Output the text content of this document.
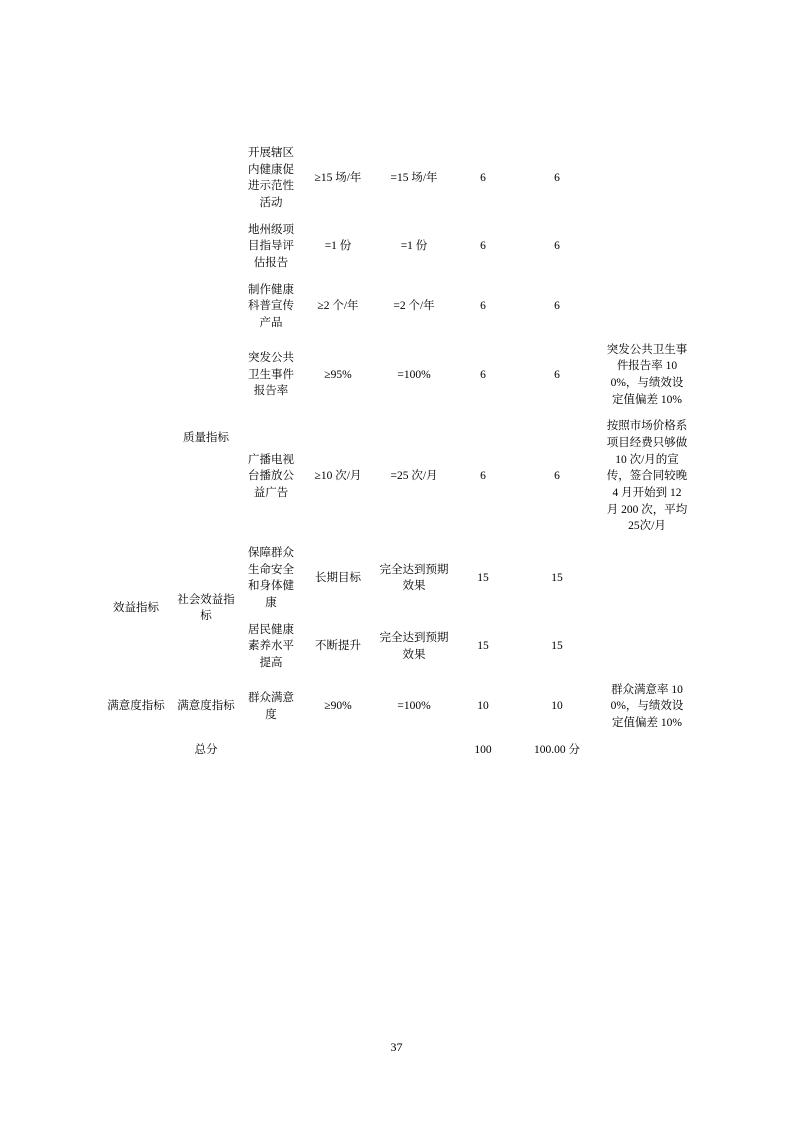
		开展辖区内健康促进示范性活动	≥15 场/年	=15 场/年	6	6	
		地州级项目指导评估报告	=1 份	=1 份	6	6	
		制作健康科普宣传产品	≥2 个/年	=2 个/年	6	6	
	质量指标	突发公共卫生事件报告率	≥95%	=100%	6	6	突发公共卫生事件报告率 100%，与绩效设定值偏差 10%
		广播电视台播放公益广告	≥10 次/月	=25 次/月	6	6	按照市场价格系项目经费只够做10 次/月的宣传，签合同较晚4 月开始到 12 月 200 次，平均25次/月
效益指标	社会效益指标	保障群众生命安全和身体健康	长期目标	完全达到预期效果	15	15	
		居民健康素养水平提高	不断提升	完全达到预期效果	15	15	
满意度指标	满意度指标	群众满意度	≥90%	=100%	10	10	群众满意率 100%，与绩效设定值偏差 10%
	总分				100	100.00 分	
37
